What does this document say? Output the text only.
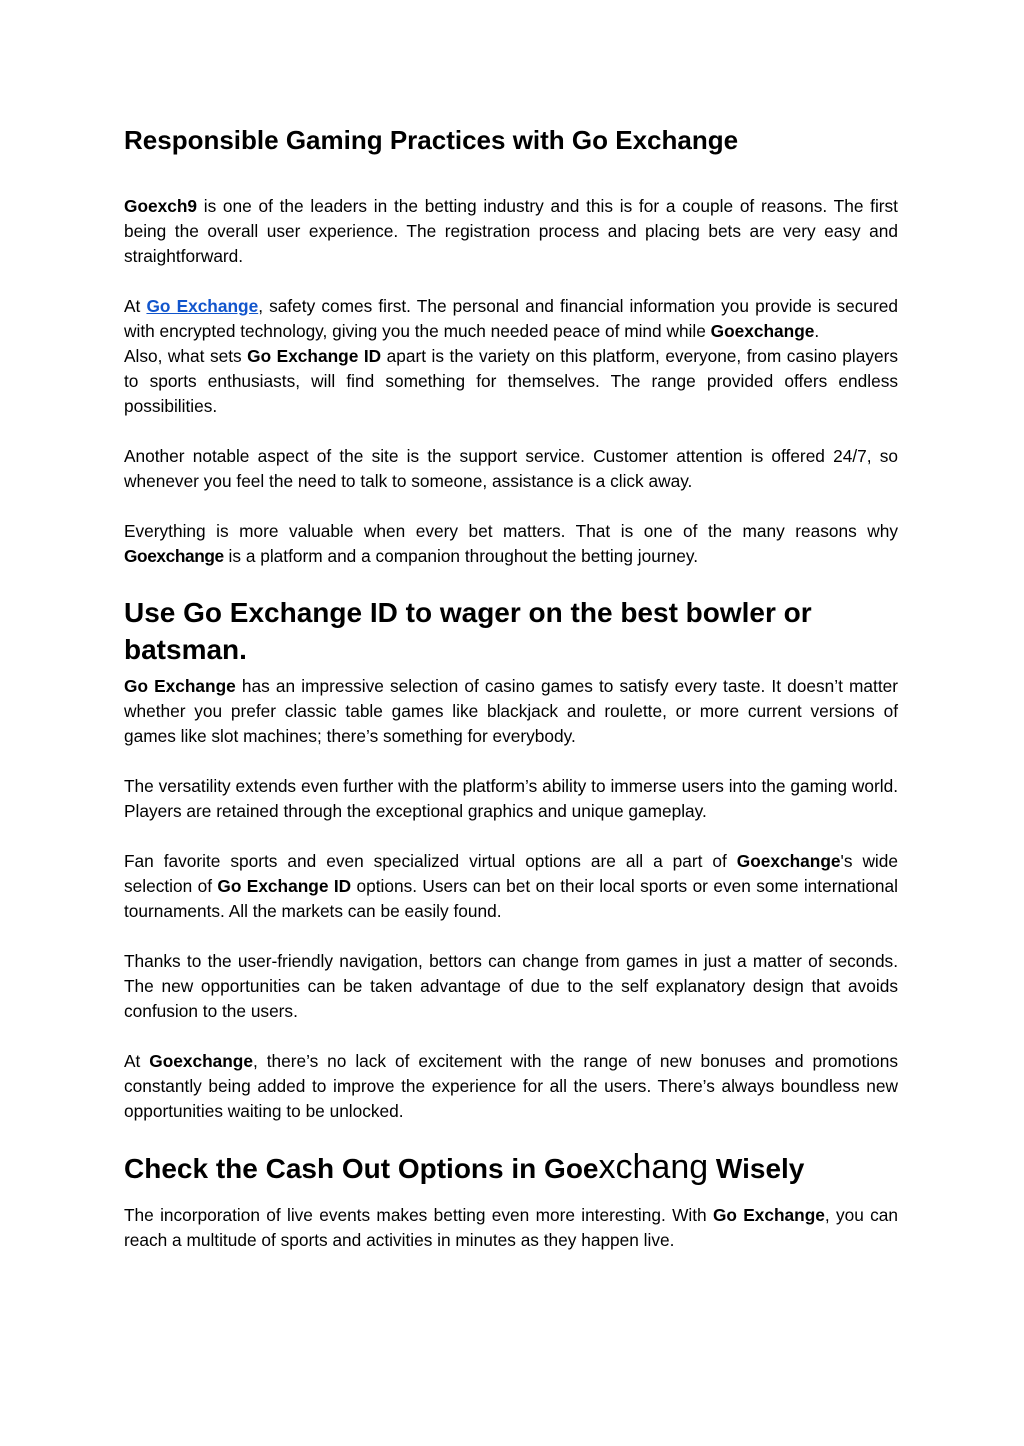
Responsible Gaming Practices with Go Exchange

Goexch9 is one of the leaders in the betting industry and this is for a couple of reasons. The first being the overall user experience. The registration process and placing bets are very easy and straightforward.

At Go Exchange, safety comes first. The personal and financial information you provide is secured with encrypted technology, giving you the much needed peace of mind while Goexchange.

Also, what sets Go Exchange ID apart is the variety on this platform, everyone, from casino players to sports enthusiasts, will find something for themselves. The range provided offers endless possibilities.

Another notable aspect of the site is the support service. Customer attention is offered 24/7, so whenever you feel the need to talk to someone, assistance is a click away.

Everything is more valuable when every bet matters. That is one of the many reasons why Goexchange is a platform and a companion throughout the betting journey.

Use Go Exchange ID to wager on the best bowler or batsman.

Go Exchange has an impressive selection of casino games to satisfy every taste. It doesn’t matter whether you prefer classic table games like blackjack and roulette, or more current versions of games like slot machines; there’s something for everybody.

The versatility extends even further with the platform’s ability to immerse users into the gaming world. Players are retained through the exceptional graphics and unique gameplay.

Fan favorite sports and even specialized virtual options are all a part of Goexchange's wide selection of Go Exchange ID options. Users can bet on their local sports or even some international tournaments. All the markets can be easily found.

Thanks to the user-friendly navigation, bettors can change from games in just a matter of seconds. The new opportunities can be taken advantage of due to the self explanatory design that avoids confusion to the users.

At Goexchange, there’s no lack of excitement with the range of new bonuses and promotions constantly being added to improve the experience for all the users. There’s always boundless new opportunities waiting to be unlocked.

Check the Cash Out Options in Goexchang Wisely

The incorporation of live events makes betting even more interesting. With Go Exchange, you can reach a multitude of sports and activities in minutes as they happen live.
